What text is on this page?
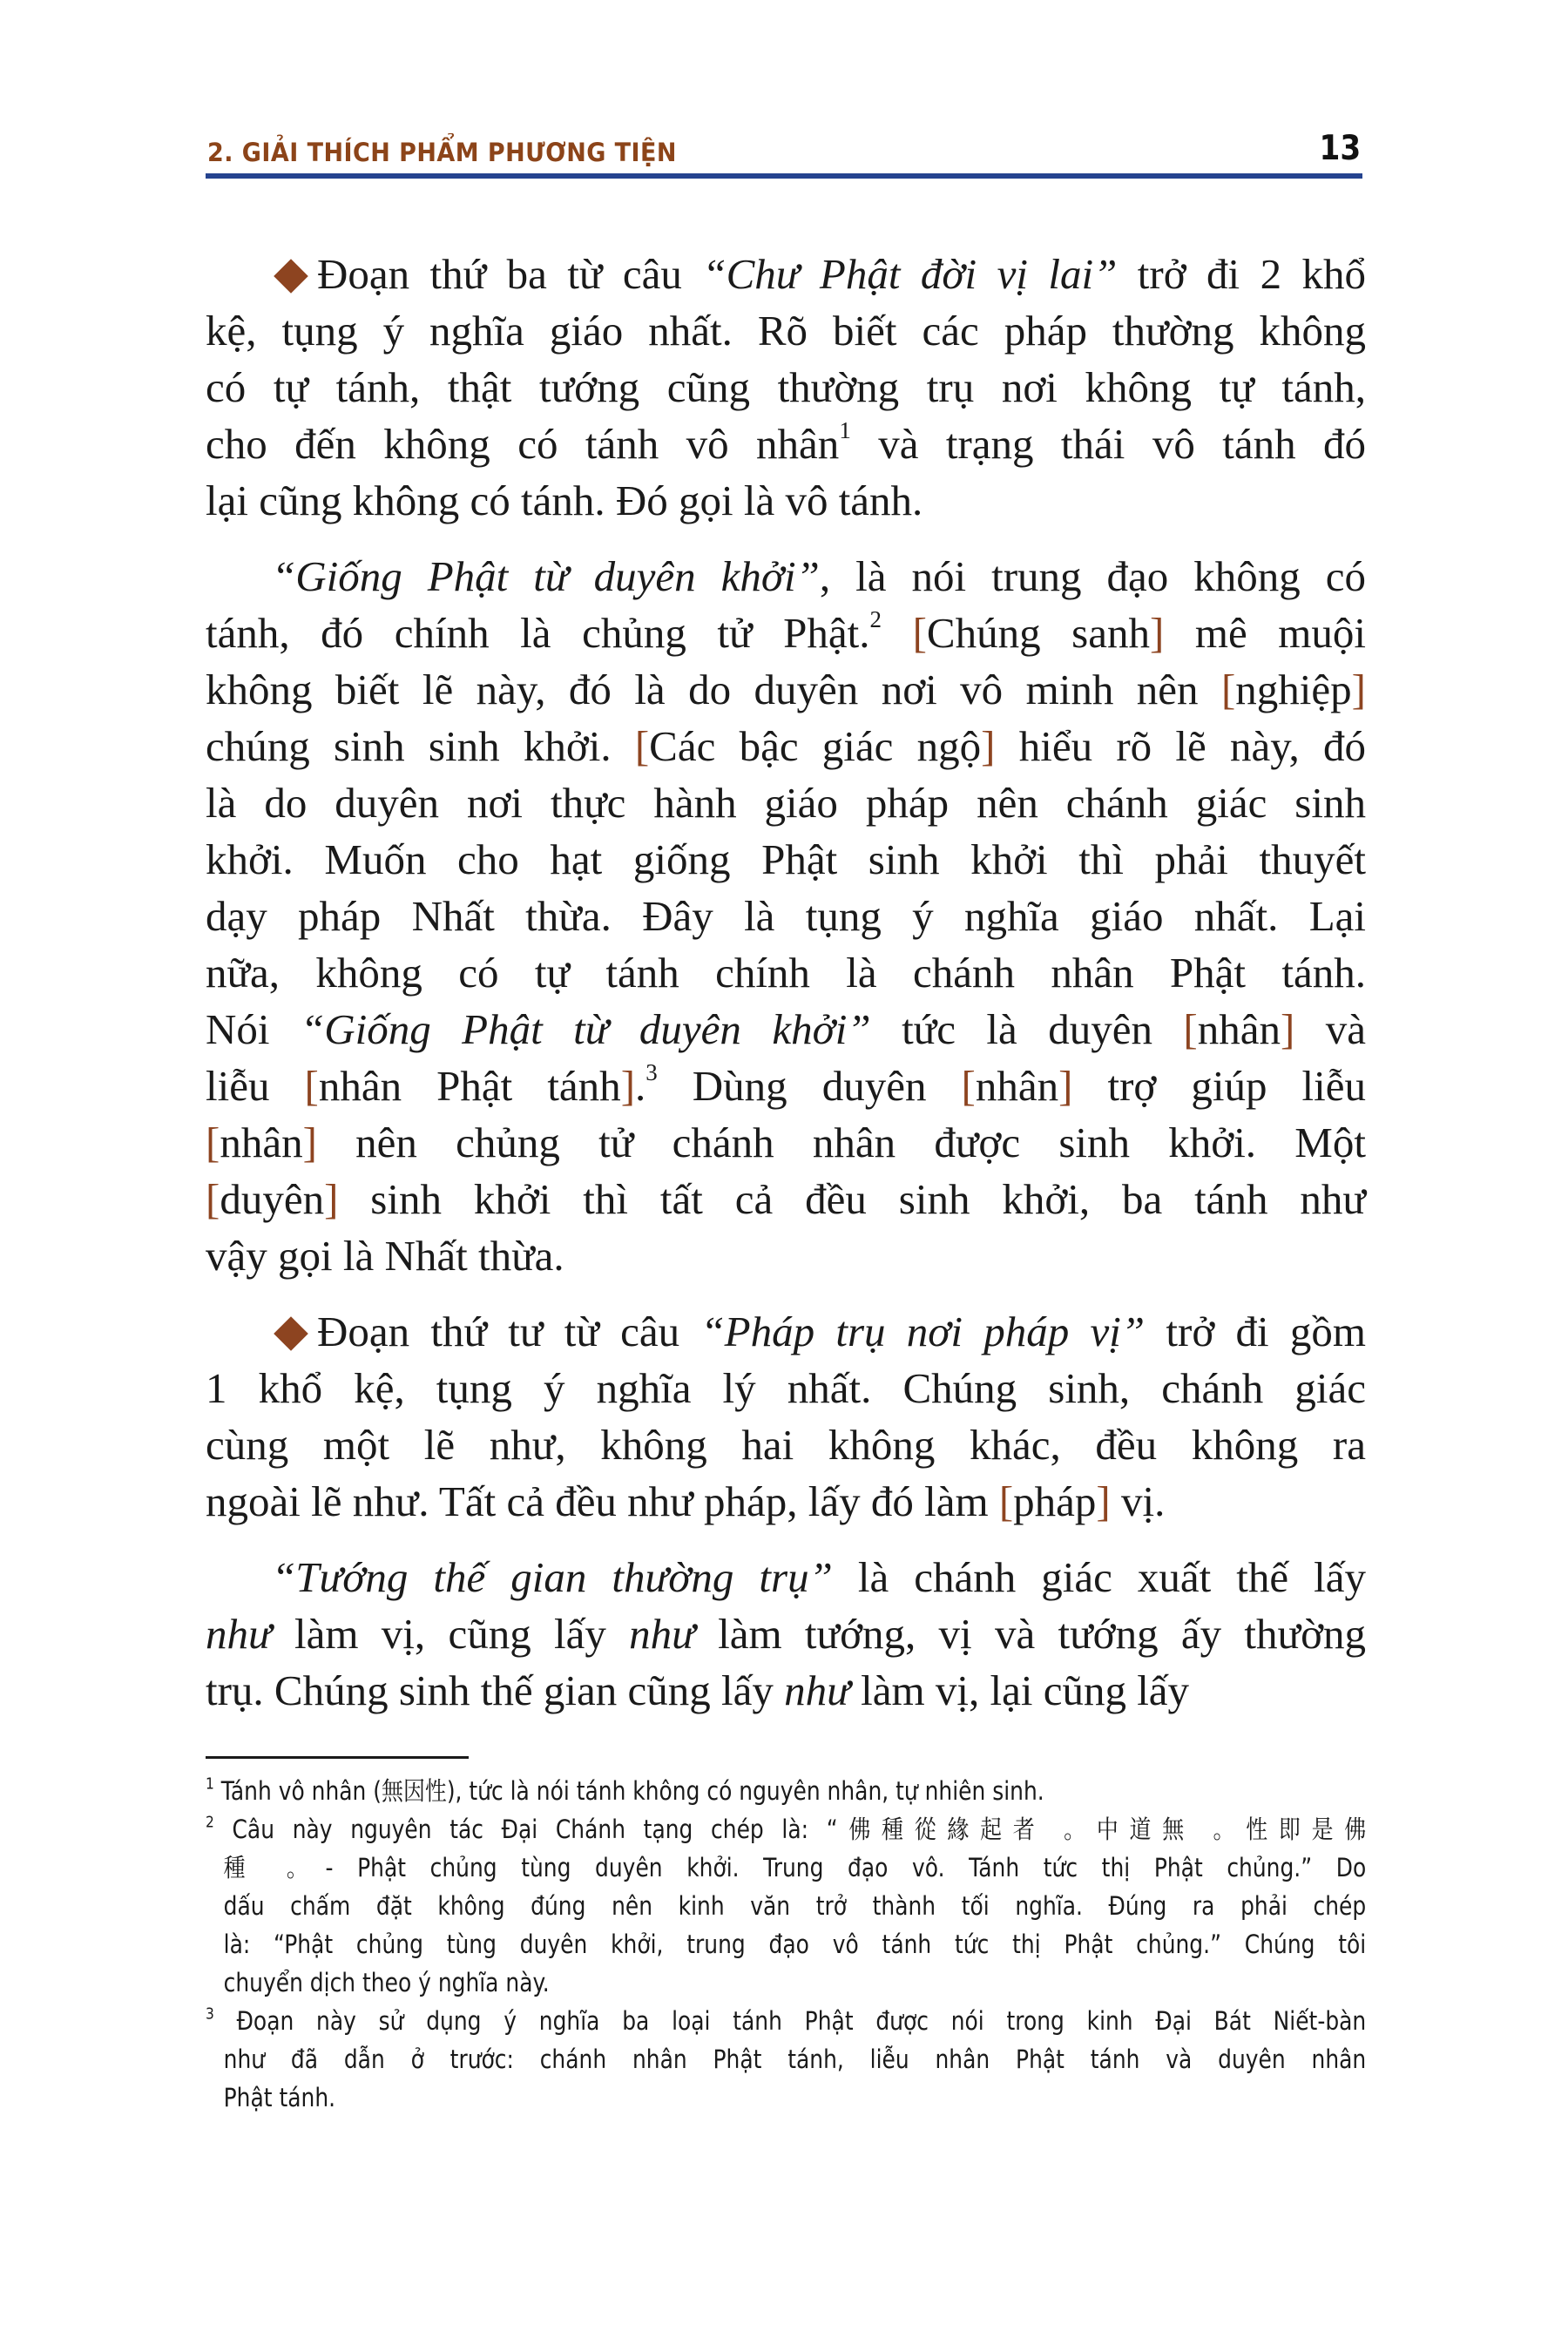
2. GIẢI THÍCH PHẨM PHƯƠNG TIỆN	13
Đoạn thứ ba từ câu “Chư Phật đời vị lai” trở đi 2 khổ
kệ, tụng ý nghĩa giáo nhất. Rõ biết các pháp thường không
có tự tánh, thật tướng cũng thường trụ nơi không tự tánh,
cho đến không có tánh vô nhân$^1$ và trạng thái vô tánh đó
lại cũng không có tánh. Đó gọi là vô tánh.
“Giống Phật từ duyên khởi”, là nói trung đạo không có
tánh, đó chính là chủng tử Phật.$^2$ [Chúng sanh] mê muội
không biết lẽ này, đó là do duyên nơi vô minh nên [nghiệp]
chúng sinh sinh khởi. [Các bậc giác ngộ] hiểu rõ lẽ này, đó
là do duyên nơi thực hành giáo pháp nên chánh giác sinh
khởi. Muốn cho hạt giống Phật sinh khởi thì phải thuyết
dạy pháp Nhất thừa. Đây là tụng ý nghĩa giáo nhất. Lại
nữa, không có tự tánh chính là chánh nhân Phật tánh.
Nói “Giống Phật từ duyên khởi” tức là duyên [nhân] và
liễu [nhân Phật tánh].$^3$ Dùng duyên [nhân] trợ giúp liễu
[nhân] nên chủng tử chánh nhân được sinh khởi. Một
[duyên] sinh khởi thì tất cả đều sinh khởi, ba tánh như
vậy gọi là Nhất thừa.
Đoạn thứ tư từ câu “Pháp trụ nơi pháp vị” trở đi gồm
1 khổ kệ, tụng ý nghĩa lý nhất. Chúng sinh, chánh giác
cùng một lẽ như, không hai không khác, đều không ra
ngoài lẽ như. Tất cả đều như pháp, lấy đó làm [pháp] vị.
“Tướng thế gian thường trụ” là chánh giác xuất thế lấy
như làm vị, cũng lấy như làm tướng, vị và tướng ấy thường
trụ. Chúng sinh thế gian cũng lấy như làm vị, lại cũng lấy
$^1$ Tánh vô nhân (無因性), tức là nói tánh không có nguyên nhân, tự nhiên sinh.
$^2$ Câu này nguyên tác Đại Chánh tạng chép là: “佛種從緣起者 。中道無 。性即是佛
種 。- Phật chủng tùng duyên khởi. Trung đạo vô. Tánh tức thị Phật chủng.” Do
dấu chấm đặt không đúng nên kinh văn trở thành tối nghĩa. Đúng ra phải chép
là: “Phật chủng tùng duyên khởi, trung đạo vô tánh tức thị Phật chủng.” Chúng tôi
chuyển dịch theo ý nghĩa này.
$^3$ Đoạn này sử dụng ý nghĩa ba loại tánh Phật được nói trong kinh Đại Bát Niết-bàn
như đã dẫn ở trước: chánh nhân Phật tánh, liễu nhân Phật tánh và duyên nhân
Phật tánh.
